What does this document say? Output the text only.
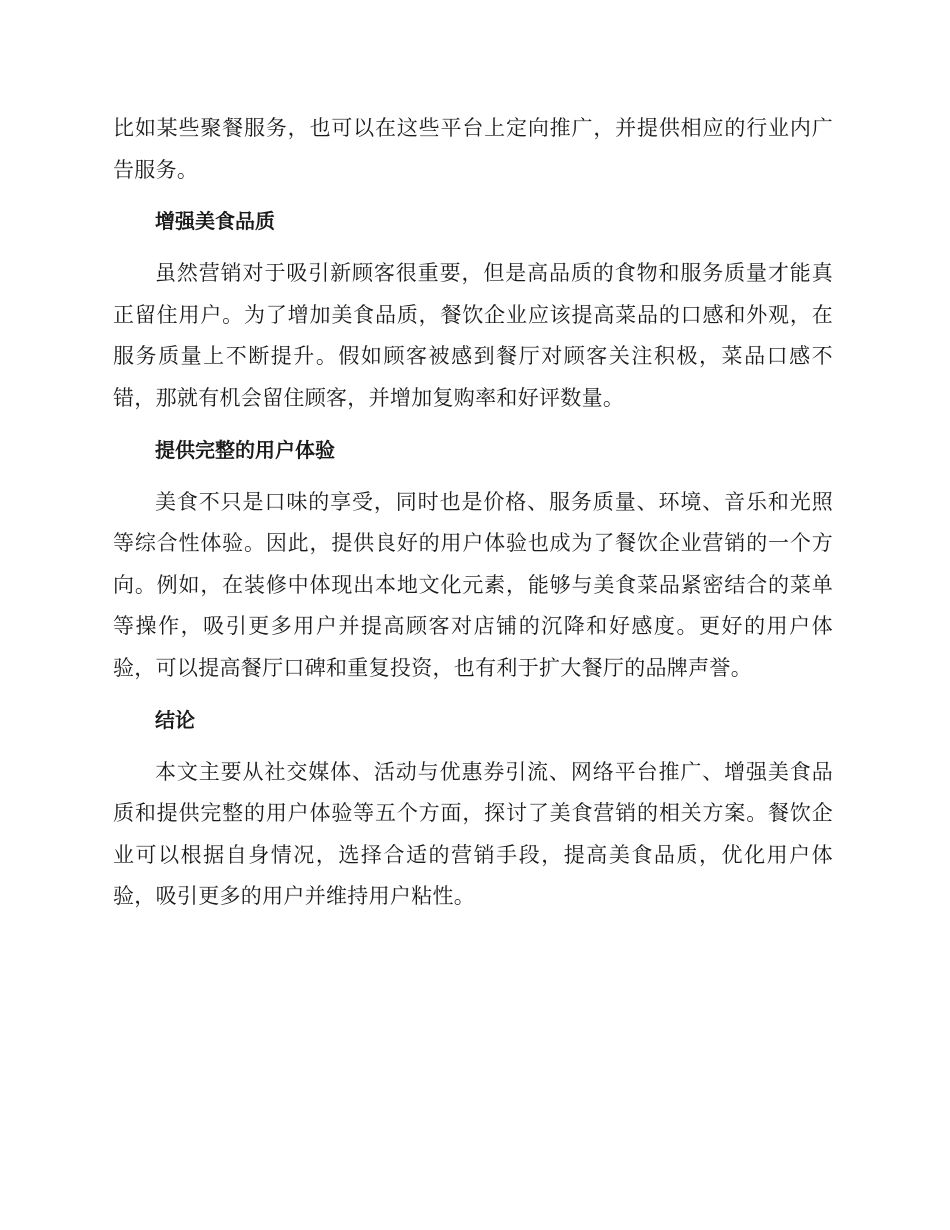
比如某些聚餐服务，也可以在这些平台上定向推广，并提供相应的行业内广告服务。

增强美食品质

虽然营销对于吸引新顾客很重要，但是高品质的食物和服务质量才能真正留住用户。为了增加美食品质，餐饮企业应该提高菜品的口感和外观，在服务质量上不断提升。假如顾客被感到餐厅对顾客关注积极，菜品口感不错，那就有机会留住顾客，并增加复购率和好评数量。

提供完整的用户体验

美食不只是口味的享受，同时也是价格、服务质量、环境、音乐和光照等综合性体验。因此，提供良好的用户体验也成为了餐饮企业营销的一个方向。例如，在装修中体现出本地文化元素，能够与美食菜品紧密结合的菜单等操作，吸引更多用户并提高顾客对店铺的沉降和好感度。更好的用户体验，可以提高餐厅口碑和重复投资，也有利于扩大餐厅的品牌声誉。

结论

本文主要从社交媒体、活动与优惠券引流、网络平台推广、增强美食品质和提供完整的用户体验等五个方面，探讨了美食营销的相关方案。餐饮企业可以根据自身情况，选择合适的营销手段，提高美食品质，优化用户体验，吸引更多的用户并维持用户粘性。
